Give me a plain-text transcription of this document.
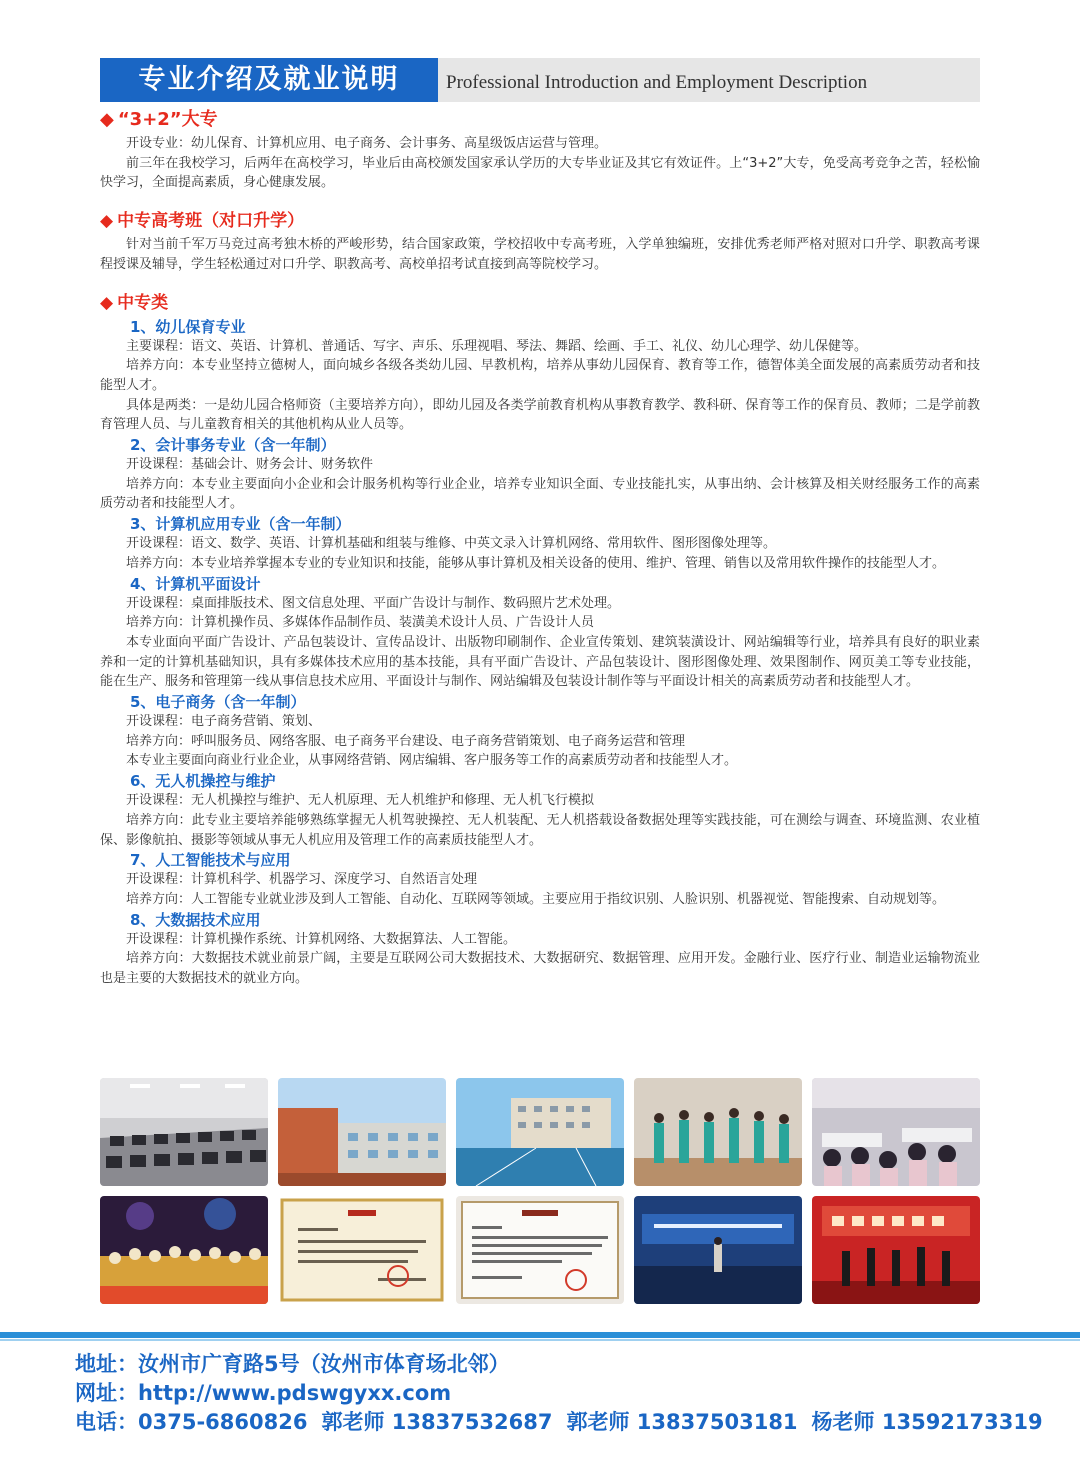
专业介绍及就业说明	Professional Introduction and Employment Description
◆ “3+2”大专

开设专业：幼儿保育、计算机应用、电子商务、会计事务、高星级饭店运营与管理。

前三年在我校学习，后两年在高校学习，毕业后由高校颁发国家承认学历的大专毕业证及其它有效证件。上“3+2”大专，免受高考竞争之苦，轻松愉快学习，全面提高素质，身心健康发展。

◆ 中专高考班（对口升学）

针对当前千军万马竞过高考独木桥的严峻形势，结合国家政策，学校招收中专高考班，入学单独编班，安排优秀老师严格对照对口升学、职教高考课程授课及辅导，学生轻松通过对口升学、职教高考、高校单招考试直接到高等院校学习。

◆ 中专类
1、幼儿保育专业

主要课程：语文、英语、计算机、普通话、写字、声乐、乐理视唱、琴法、舞蹈、绘画、手工、礼仪、幼儿心理学、幼儿保健等。

培养方向：本专业坚持立德树人，面向城乡各级各类幼儿园、早教机构，培养从事幼儿园保育、教育等工作，德智体美全面发展的高素质劳动者和技能型人才。

具体是两类：一是幼儿园合格师资（主要培养方向），即幼儿园及各类学前教育机构从事教育教学、教科研、保育等工作的保育员、教师；二是学前教育管理人员、与儿童教育相关的其他机构从业人员等。

2、会计事务专业（含一年制）

开设课程：基础会计、财务会计、财务软件

培养方向：本专业主要面向小企业和会计服务机构等行业企业，培养专业知识全面、专业技能扎实，从事出纳、会计核算及相关财经服务工作的高素质劳动者和技能型人才。

3、计算机应用专业（含一年制）

开设课程：语文、数学、英语、计算机基础和组装与维修、中英文录入计算机网络、常用软件、图形图像处理等。

培养方向：本专业培养掌握本专业的专业知识和技能，能够从事计算机及相关设备的使用、维护、管理、销售以及常用软件操作的技能型人才。

4、计算机平面设计

开设课程：桌面排版技术、图文信息处理、平面广告设计与制作、数码照片艺术处理。

培养方向：计算机操作员、多媒体作品制作员、装潢美术设计人员、广告设计人员

本专业面向平面广告设计、产品包装设计、宣传品设计、出版物印刷制作、企业宣传策划、建筑装潢设计、网站编辑等行业，培养具有良好的职业素养和一定的计算机基础知识，具有多媒体技术应用的基本技能，具有平面广告设计、产品包装设计、图形图像处理、效果图制作、网页美工等专业技能，能在生产、服务和管理第一线从事信息技术应用、平面设计与制作、网站编辑及包装设计制作等与平面设计相关的高素质劳动者和技能型人才。

5、电子商务（含一年制）

开设课程：电子商务营销、策划、

培养方向：呼叫服务员、网络客服、电子商务平台建设、电子商务营销策划、电子商务运营和管理

本专业主要面向商业行业企业，从事网络营销、网店编辑、客户服务等工作的高素质劳动者和技能型人才。

6、无人机操控与维护

开设课程：无人机操控与维护、无人机原理、无人机维护和修理、无人机飞行模拟

培养方向：此专业主要培养能够熟练掌握无人机驾驶操控、无人机装配、无人机搭载设备数据处理等实践技能，可在测绘与调查、环境监测、农业植保、影像航拍、摄影等领域从事无人机应用及管理工作的高素质技能型人才。

7、人工智能技术与应用

开设课程：计算机科学、机器学习、深度学习、自然语言处理

培养方向：人工智能专业就业涉及到人工智能、自动化、互联网等领域。主要应用于指纹识别、人脸识别、机器视觉、智能搜索、自动规划等。

8、大数据技术应用

开设课程：计算机操作系统、计算机网络、大数据算法、人工智能。

培养方向：大数据技术就业前景广阔，主要是互联网公司大数据技术、大数据研究、数据管理、应用开发。金融行业、医疗行业、制造业运输物流业也是主要的大数据技术的就业方向。

地址：汝州市广育路5号（汝州市体育场北邻）
网址：http://www.pdswgyxx.com
电话：0375-6860826 郭老师 13837532687 郭老师 13837503181 杨老师 13592173319
